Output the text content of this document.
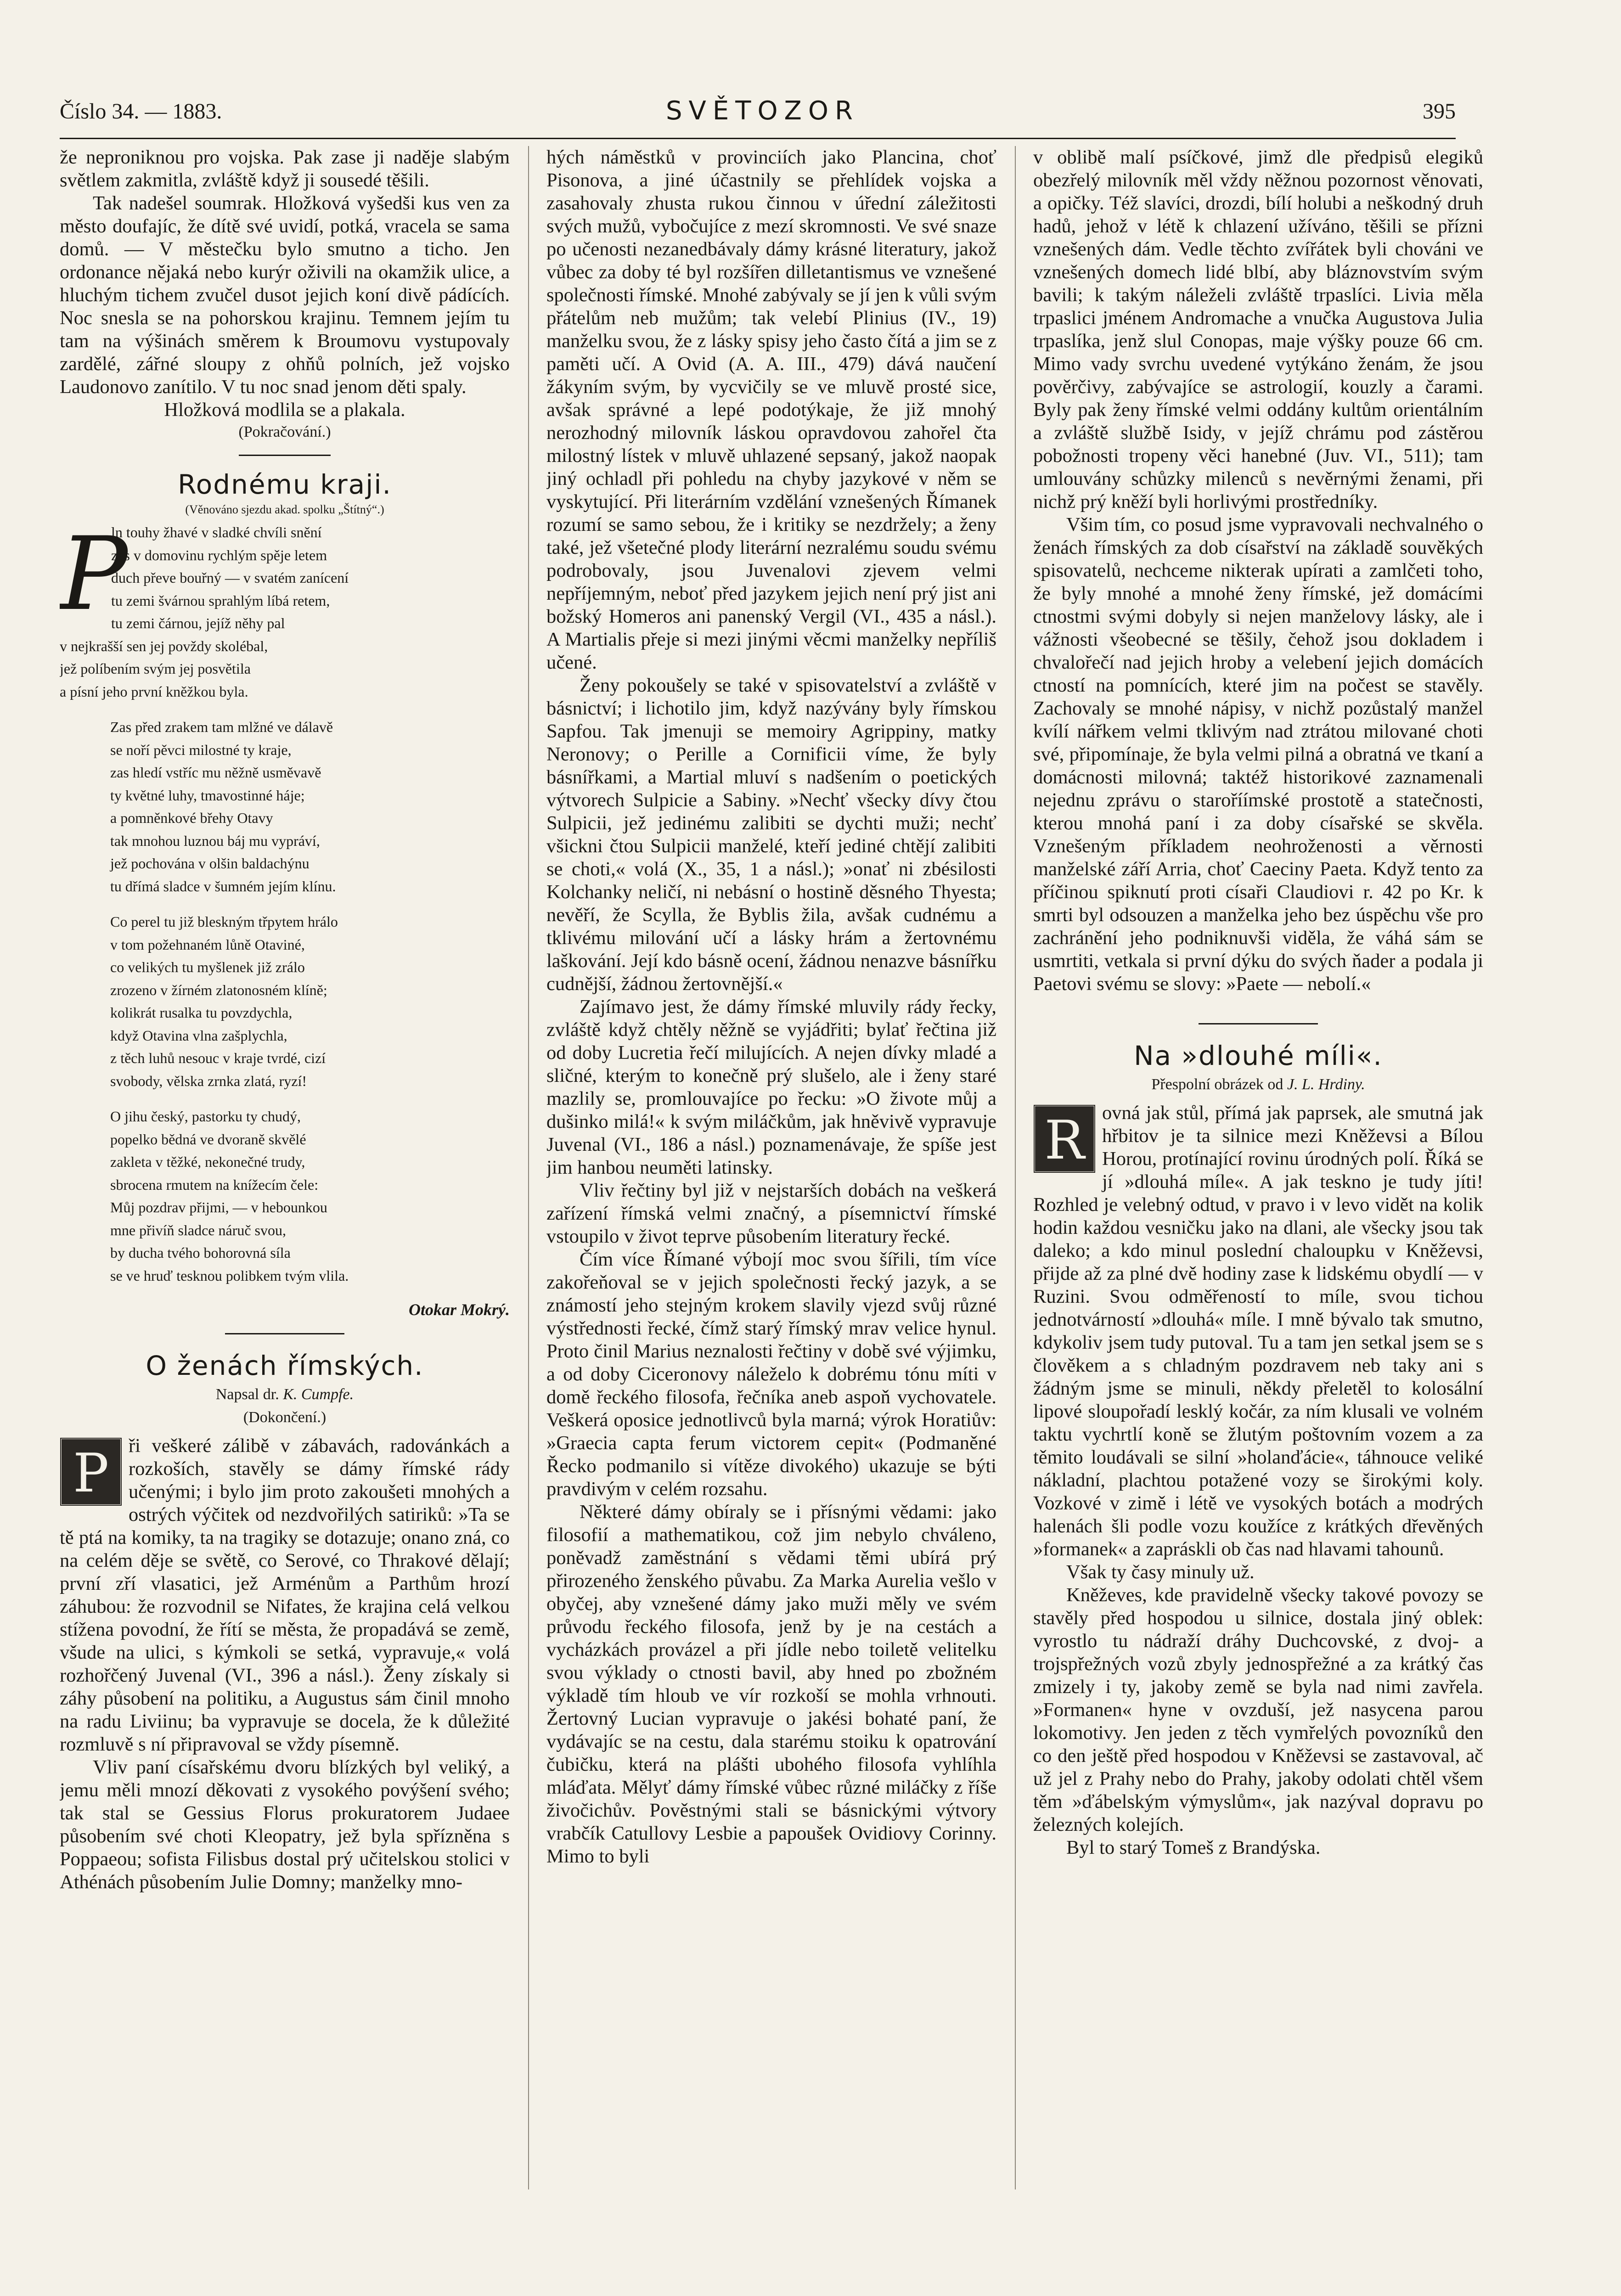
Číslo 34. — 1883.	SVĚTOZOR	395

že neproniknou pro vojska. Pak zase ji naděje slabým světlem zakmitla, zvláště když ji sousedé těšili.

Tak nadešel soumrak. Hložková vyšedši kus ven za město doufajíc, že dítě své uvidí, potká, vracela se sama domů. — V městečku bylo smutno a ticho. Jen ordonance nějaká nebo kurýr oživili na okamžik ulice, a hluchým tichem zvučel dusot jejich koní divě pádících. Noc snesla se na pohorskou krajinu. Temnem jejím tu tam na výšinách směrem k Broumovu vystupovaly zardělé, zářné sloupy z ohňů polních, jež vojsko Laudonovo zanítilo. V tu noc snad jenom děti spaly.

Hložková modlila se a plakala.

(Pokračování.)
Rodnému kraji.
(Věnováno sjezdu akad. spolku „Štítný“.)
P
ln touhy žhavé v sladké chvíli snění
zas v domovinu rychlým spěje letem
duch převe bouřný — v svatém zanícení
tu zemi švárnou sprahlým líbá retem,
tu zemi čárnou, jejíž něhy pal
v nejkrašší sen jej povždy skolébal,
jež políbením svým jej posvětila
a písní jeho první kněžkou byla.
Zas před zrakem tam mlžné ve dálavě
se noří pěvci milostné ty kraje,
zas hledí vstříc mu něžně usměvavě
ty květné luhy, tmavostinné háje;
a pomněnkové břehy Otavy
tak mnohou luznou báj mu vypráví,
jež pochována v olšin baldachýnu
tu dřímá sladce v šumném jejím klínu.
Co perel tu již bleskným třpytem hrálo
v tom požehnaném lůně Otaviné,
co velikých tu myšlenek již zrálo
zrozeno v žírném zlatonosném klíně;
kolikrát rusalka tu povzdychla,
když Otavina vlna zašplychla,
z těch luhů nesouc v kraje tvrdé, cizí
svobody, vělska zrnka zlatá, ryzí!
O jihu český, pastorku ty chudý,
popelko bědná ve dvoraně skvělé
zakleta v těžké, nekonečné trudy,
sbrocena rmutem na knížecím čele:
Můj pozdrav přijmi, — v hebounkou
mne přivíň sladce náruč svou,
by ducha tvého bohorovná síla
se ve hruď tesknou polibkem tvým vlila.
Otokar Mokrý.
O ženách římských.
Napsal dr. K. Cumpfe.
(Dokončení.)
P	ři veškeré zálibě v zábavách, radovánkách a rozkoších, stavěly se dámy římské rády učenými; i bylo jim proto zakoušeti mnohých a ostrých výčitek od nezdvořilých satiriků: »Ta se tě ptá na komiky, ta na tragiky se dotazuje; onano zná, co na celém děje se světě, co Serové, co Thrakové dělají; první zří vlasatici, jež Arménům a Parthům hrozí záhubou: že rozvodnil se Nifates, že krajina celá velkou stížena povodní, že řítí se města, že propadává se země, všude na ulici, s kýmkoli se setká, vypravuje,« volá rozhořčený Juvenal (VI., 396 a násl.). Ženy získaly si záhy působení na politiku, a Augustus sám činil mnoho na radu Liviinu; ba vypravuje se docela, že k důležité rozmluvě s ní připravoval se vždy písemně.

Vliv paní císařskému dvoru blízkých byl veliký, a jemu měli mnozí děkovati z vysokého povýšení svého; tak stal se Gessius Florus prokuratorem Judaee působením své choti Kleopatry, jež byla spřízněna s Poppaeou; sofista Filisbus dostal prý učitelskou stolici v Athénách působením Julie Domny; manželky mno-

hých náměstků v provinciích jako Plancina, choť Pisonova, a jiné účastnily se přehlídek vojska a zasahovaly zhusta rukou činnou v úřední záležitosti svých mužů, vybočujíce z mezí skromnosti. Ve své snaze po učenosti nezanedbávaly dámy krásné literatury, jakož vůbec za doby té byl rozšířen dilletantismus ve vznešené společnosti římské. Mnohé zabývaly se jí jen k vůli svým přátelům neb mužům; tak velebí Plinius (IV., 19) manželku svou, že z lásky spisy jeho často čítá a jim se z paměti učí. A Ovid (A. A. III., 479) dává naučení žákyním svým, by vycvičily se ve mluvě prosté sice, avšak správné a lepé podotýkaje, že již mnohý nerozhodný milovník láskou opravdovou zahořel čta milostný lístek v mluvě uhlazené sepsaný, jakož naopak jiný ochladl při pohledu na chyby jazykové v něm se vyskytující. Při literárním vzdělání vznešených Římanek rozumí se samo sebou, že i kritiky se nezdržely; a ženy také, jež všetečné plody literární nezralému soudu svému podrobovaly, jsou Juvenalovi zjevem velmi nepříjemným, neboť před jazykem jejich není prý jist ani božský Homeros ani panenský Vergil (VI., 435 a násl.). A Martialis přeje si mezi jinými věcmi manželky nepříliš učené.

Ženy pokoušely se také v spisovatelství a zvláště v básnictví; i lichotilo jim, když nazývány byly římskou Sapfou. Tak jmenuji se memoiry Agrippiny, matky Neronovy; o Perille a Cornificii víme, že byly básnířkami, a Martial mluví s nadšením o poetických výtvorech Sulpicie a Sabiny. »Nechť všecky dívy čtou Sulpicii, jež jedinému zalibiti se dychti muži; nechť všickni čtou Sulpicii manželé, kteří jediné chtějí zalibiti se choti,« volá (X., 35, 1 a násl.); »onať ni zbésilosti Kolchanky neličí, ni nebásní o hostině děsného Thyesta; nevěří, že Scylla, že Byblis žila, avšak cudnému a tklivému milování učí a lásky hrám a žertovnému laškování. Její kdo básně ocení, žádnou nenazve básnířku cudnější, žádnou žertovnější.«

Zajímavo jest, že dámy římské mluvily rády řecky, zvláště když chtěly něžně se vyjádřiti; bylať řečtina již od doby Lucretia řečí milujících. A nejen dívky mladé a sličné, kterým to konečně prý slušelo, ale i ženy staré mazlily se, promlouvajíce po řecku: »O živote můj a dušinko milá!« k svým miláčkům, jak hněvivě vypravuje Juvenal (VI., 186 a násl.) poznamenávaje, že spíše jest jim hanbou neuměti latinsky.

Vliv řečtiny byl již v nejstarších dobách na veškerá zařízení římská velmi značný, a písemnictví římské vstoupilo v život teprve působením literatury řecké.

Čím více Římané výbojí moc svou šířili, tím více zakořeňoval se v jejich společnosti řecký jazyk, a se známostí jeho stejným krokem slavily vjezd svůj různé výstřednosti řecké, čímž starý římský mrav velice hynul. Proto činil Marius neznalosti řečtiny v době své výjimku, a od doby Ciceronovy náleželo k dobrému tónu míti v domě řeckého filosofa, řečníka aneb aspoň vychovatele. Veškerá oposice jednotlivců byla marná; výrok Horatiův: »Graecia capta ferum victorem cepit« (Podmaněné Řecko podmanilo si vítěze divokého) ukazuje se býti pravdivým v celém rozsahu.

Některé dámy obíraly se i přísnými vědami: jako filosofií a mathematikou, což jim nebylo chváleno, poněvadž zaměstnání s vědami těmi ubírá prý přirozeného ženského půvabu. Za Marka Aurelia vešlo v obyčej, aby vznešené dámy jako muži měly ve svém průvodu řeckého filosofa, jenž by je na cestách a vycházkách provázel a při jídle nebo toiletě velitelku svou výklady o ctnosti bavil, aby hned po zbožném výkladě tím hloub ve vír rozkoší se mohla vrhnouti. Žertovný Lucian vypravuje o jakési bohaté paní, že vydávajíc se na cestu, dala starému stoiku k opatrování čubičku, která na plášti ubohého filosofa vyhlíhla mláďata. Mělyť dámy římské vůbec různé miláčky z říše živočichův. Pověstnými stali se básnickými výtvory vrabčík Catullovy Lesbie a papoušek Ovidiovy Corinny. Mimo to byli

v oblibě malí psíčkové, jimž dle předpisů elegiků obezřelý milovník měl vždy něžnou pozornost věnovati, a opičky. Též slavíci, drozdi, bílí holubi a neškodný druh hadů, jehož v létě k chlazení užíváno, těšili se přízni vznešených dám. Vedle těchto zvířátek byli chováni ve vznešených domech lidé blbí, aby bláznovstvím svým bavili; k takým náleželi zvláště trpaslíci. Livia měla trpaslici jménem Andromache a vnučka Augustova Julia trpaslíka, jenž slul Conopas, maje výšky pouze 66 cm. Mimo vady svrchu uvedené vytýkáno ženám, že jsou pověrčivy, zabývajíce se astrologií, kouzly a čarami. Byly pak ženy římské velmi oddány kultům orientálním a zvláště službě Isidy, v jejíž chrámu pod zástěrou pobožnosti tropeny věci hanebné (Juv. VI., 511); tam umlouvány schůzky milenců s nevěrnými ženami, při nichž prý kněží byli horlivými prostředníky.

Všim tím, co posud jsme vypravovali nechvalného o ženách římských za dob císařství na základě souvěkých spisovatelů, nechceme nikterak upírati a zamlčeti toho, že byly mnohé a mnohé ženy římské, jež domácími ctnostmi svými dobyly si nejen manželovy lásky, ale i vážnosti všeobecné se těšily, čehož jsou dokladem i chvalořečí nad jejich hroby a velebení jejich domácích ctností na pomnících, které jim na počest se stavěly. Zachovaly se mnohé nápisy, v nichž pozůstalý manžel kvílí nářkem velmi tklivým nad ztrátou milované choti své, připomínaje, že byla velmi pilná a obratná ve tkaní a domácnosti milovná; taktéž historikové zaznamenali nejednu zprávu o staroříímské prostotě a statečnosti, kterou mnohá paní i za doby císařské se skvěla. Vznešeným příkladem neohroženosti a věrnosti manželské září Arria, choť Caeciny Paeta. Když tento za příčinou spiknutí proti císaři Claudiovi r. 42 po Kr. k smrti byl odsouzen a manželka jeho bez úspěchu vše pro zachránění jeho podniknuvši viděla, že váhá sám se usmrtiti, vetkala si první dýku do svých ňader a podala ji Paetovi svému se slovy: »Paete — nebolí.«

Na »dlouhé míli«.
Přespolní obrázek od J. L. Hrdiny.
R ovná jak stůl, přímá jak paprsek, ale smutná jak hřbitov je ta silnice mezi Kněževsi a Bílou Horou, protínající rovinu úrodných polí. Říká se jí »dlouhá míle«. A jak teskno je tudy jíti! Rozhled je velebný odtud, v pravo i v levo vidět na kolik hodin každou vesničku jako na dlani, ale všecky jsou tak daleko; a kdo minul poslední chaloupku v Kněževsi, přijde až za plné dvě hodiny zase k lidskému obydlí — v Ruzini. Svou odměřeností to míle, svou tichou jednotvárností »dlouhá« míle. I mně bývalo tak smutno, kdykoliv jsem tudy putoval. Tu a tam jen setkal jsem se s člověkem a s chladným pozdravem neb taky ani s žádným jsme se minuli, někdy přeletěl to kolosální lipové sloupořadí lesklý kočár, za ním klusali ve volném taktu vychrtlí koně se žlutým poštovním vozem a za těmito loudávali se silní »holanďácie«, táhnouce veliké nákladní, plachtou potažené vozy se širokými koly. Vozkové v zimě i létě ve vysokých botách a modrých halenách šli podle vozu koužíce z krátkých dřevěných »formanek« a zapráskli ob čas nad hlavami tahounů.

Však ty časy minuly už.

Kněževes, kde pravidelně všecky takové povozy se stavěly před hospodou u silnice, dostala jiný oblek: vyrostlo tu nádraží dráhy Duchcovské, z dvoj- a trojspřežných vozů zbyly jednospřežné a za krátký čas zmizely i ty, jakoby země se byla nad nimi zavřela. »Formanen« hyne v ovzduší, jež nasycena parou lokomotivy. Jen jeden z těch vymřelých povozníků den co den ještě před hospodou v Kněževsi se zastavoval, ač už jel z Prahy nebo do Prahy, jakoby odolati chtěl všem těm »ďábelským výmyslům«, jak nazýval dopravu po železných kolejích.

Byl to starý Tomeš z Brandýska.
